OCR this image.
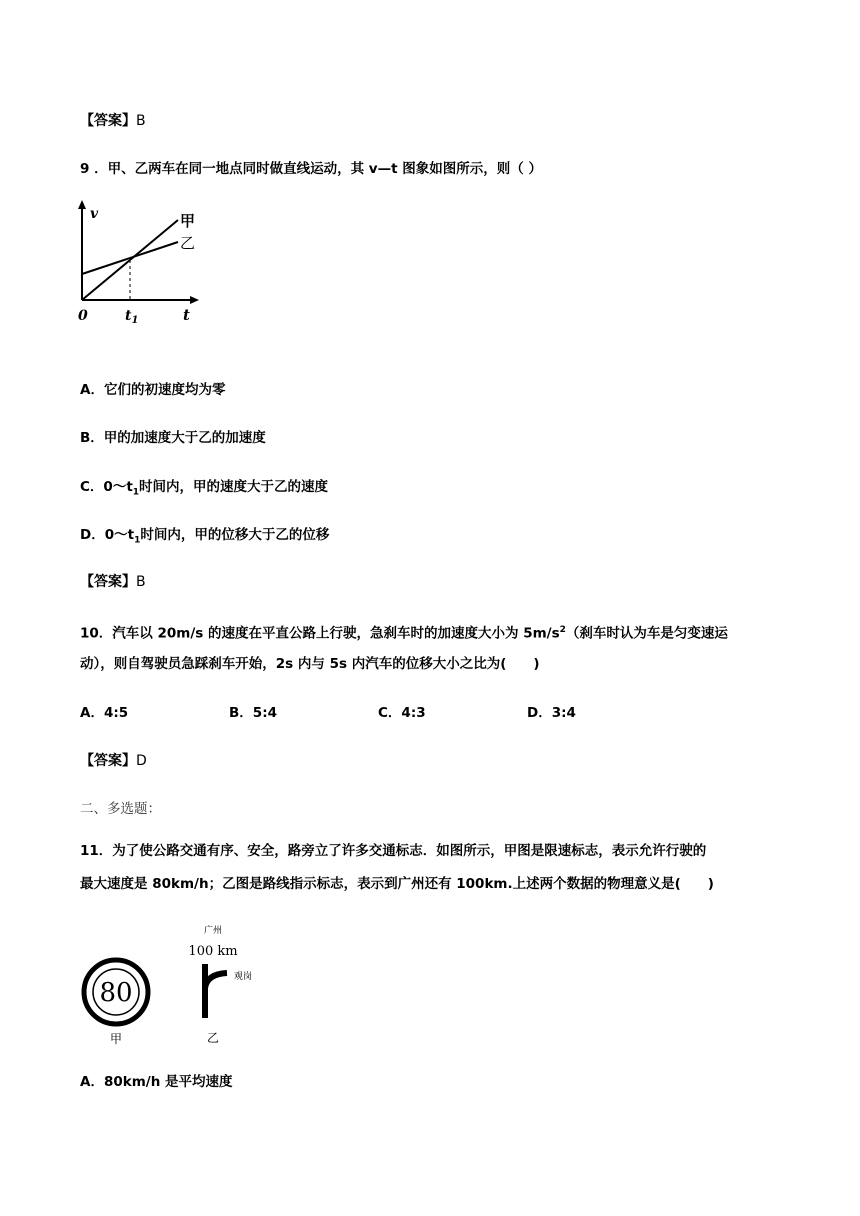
【答案】B
9 ．甲、乙两车在同一地点同时做直线运动，其 v—t 图象如图所示，则（ ）
v	甲
乙
0	$t_1$	t
A．它们的初速度均为零
B．甲的加速度大于乙的加速度
C．$0\sim t_1$时间内，甲的速度大于乙的速度
D．$0\sim t_1$时间内，甲的位移大于乙的位移
【答案】B
10．汽车以 20m/s 的速度在平直公路上行驶，急刹车时的加速度大小为 $5m/s^2$（刹车时认为车是匀变速运
动），则自驾驶员急踩刹车开始，2s 内与 5s 内汽车的位移大小之比为(　　)
A．4:5	B．5:4	C．4:3	D．3:4
【答案】D
二、多选题：
11．为了使公路交通有序、安全，路旁立了许多交通标志．如图所示，甲图是限速标志，表示允许行驶的
最大速度是 80km/h；乙图是路线指示标志，表示到广州还有 100km.上述两个数据的物理意义是(　　)
80
甲
广州
100 km
观岗
乙
A．80km/h 是平均速度
